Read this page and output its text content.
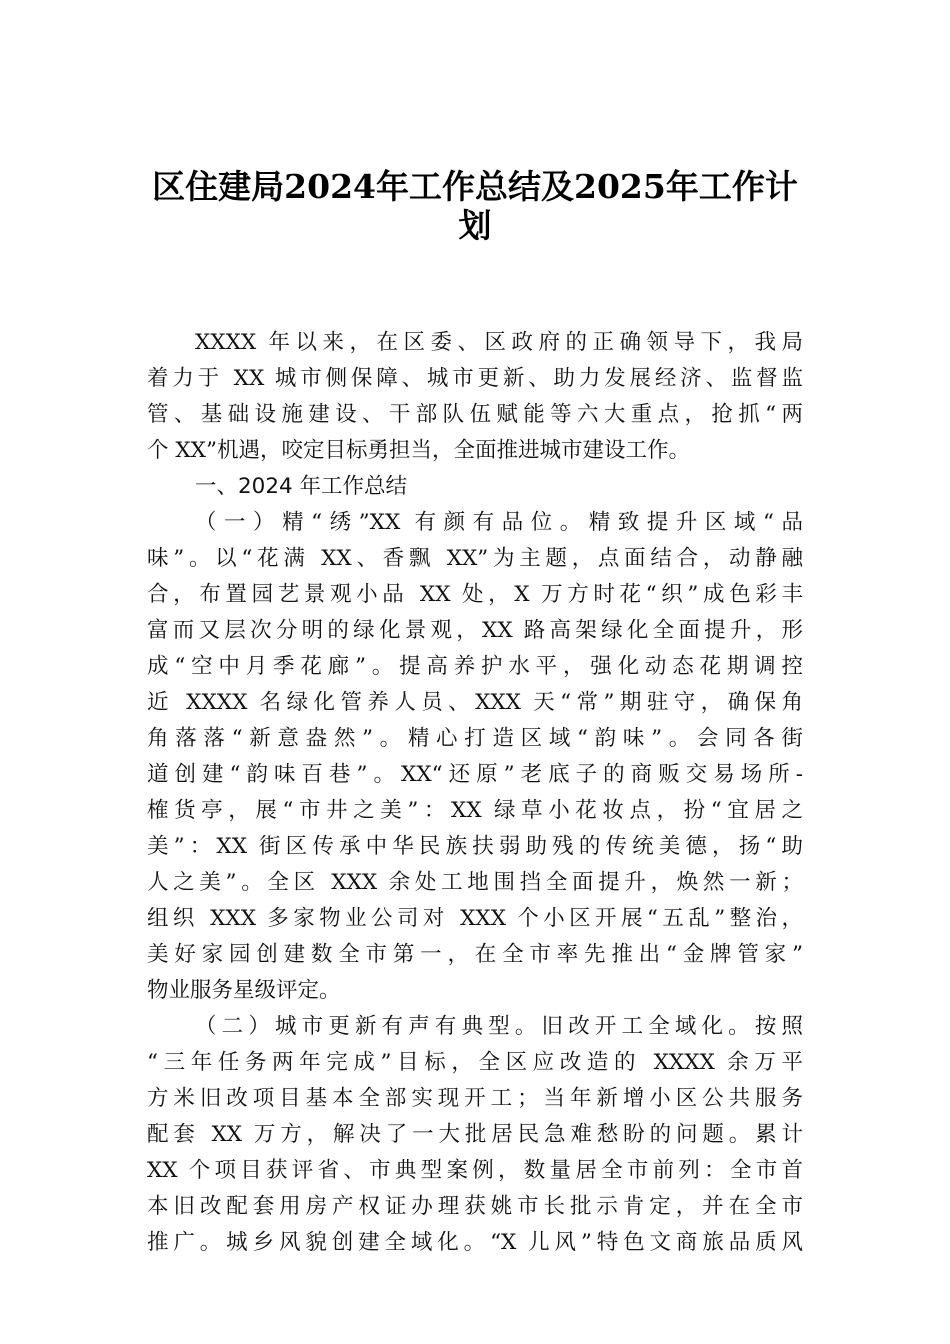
区住建局2024年工作总结及2025年工作计
划
XXXX 年以来，在区委、区政府的正确领导下，我局
着力于 XX 城市侧保障、城市更新、助力发展经济、监督监
管、基础设施建设、干部队伍赋能等六大重点，抢抓“两
个 XX”机遇，咬定目标勇担当，全面推进城市建设工作。
一、2024 年工作总结
（一）精“绣”XX 有颜有品位。精致提升区域“品
味”。以“花满 XX、香飘 XX”为主题，点面结合，动静融
合，布置园艺景观小品 XX 处，X 万方时花“织”成色彩丰
富而又层次分明的绿化景观，XX 路高架绿化全面提升，形
成“空中月季花廊”。提高养护水平，强化动态花期调控
近 XXXX 名绿化管养人员、XXX 天“常”期驻守，确保角
角落落“新意盎然”。精心打造区域“韵味”。会同各街
道创建“韵味百巷”。XX“还原”老底子的商贩交易场所-
榷货亭，展“市井之美”：XX 绿草小花妆点，扮“宜居之
美”：XX 街区传承中华民族扶弱助残的传统美德，扬“助
人之美”。全区 XXX 余处工地围挡全面提升，焕然一新；
组织 XXX 多家物业公司对 XXX 个小区开展“五乱”整治，
美好家园创建数全市第一，在全市率先推出“金牌管家”
物业服务星级评定。
（二）城市更新有声有典型。旧改开工全域化。按照
“三年任务两年完成”目标，全区应改造的 XXXX 余万平
方米旧改项目基本全部实现开工；当年新增小区公共服务
配套 XX 万方，解决了一大批居民急难愁盼的问题。累计
XX 个项目获评省、市典型案例，数量居全市前列：全市首
本旧改配套用房产权证办理获姚市长批示肯定，并在全市
推广。城乡风貌创建全域化。“X 儿风”特色文商旅品质风
